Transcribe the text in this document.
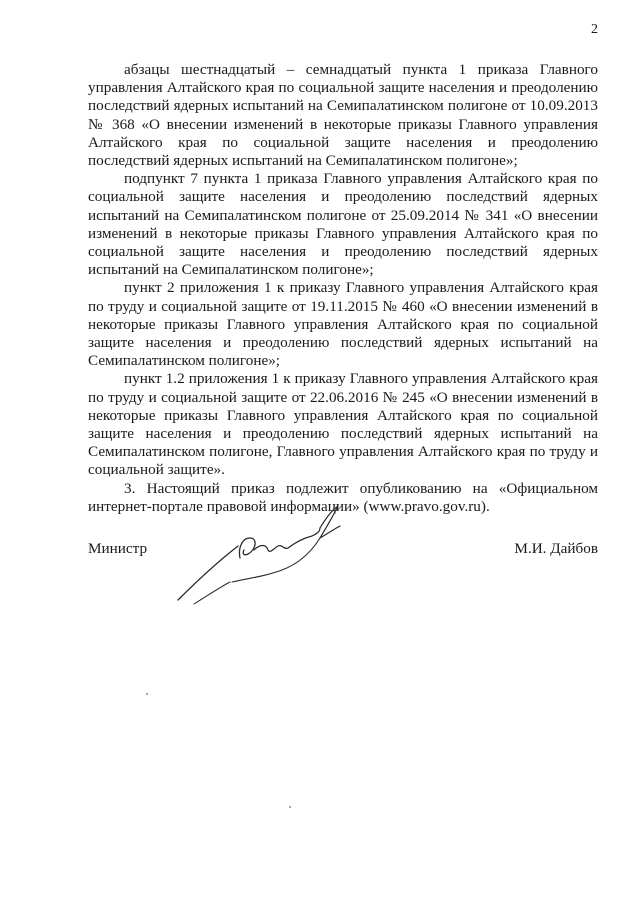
2

абзацы шестнадцатый – семнадцатый пункта 1 приказа Главного управления Алтайского края по социальной защите населения и преодолению последствий ядерных испытаний на Семипалатинском полигоне от 10.09.2013 № 368 «О внесении изменений в некоторые приказы Главного управления Алтайского края по социальной защите населения и преодолению последствий ядерных испытаний на Семипалатинском полигоне»;

подпункт 7 пункта 1 приказа Главного управления Алтайского края по социальной защите населения и преодолению последствий ядерных испытаний на Семипалатинском полигоне от 25.09.2014 № 341 «О внесении изменений в некоторые приказы Главного управления Алтайского края по социальной защите населения и преодолению последствий ядерных испытаний на Семипалатинском полигоне»;

пункт 2 приложения 1 к приказу Главного управления Алтайского края по труду и социальной защите от 19.11.2015 № 460 «О внесении изменений в некоторые приказы Главного управления Алтайского края по социальной защите населения и преодолению последствий ядерных испытаний на Семипалатинском полигоне»;

пункт 1.2 приложения 1 к приказу Главного управления Алтайского края по труду и социальной защите от 22.06.2016 № 245 «О внесении изменений в некоторые приказы Главного управления Алтайского края по социальной защите населения и преодолению последствий ядерных испытаний на Семипалатинском полигоне, Главного управления Алтайского края по труду и социальной защите».

3. Настоящий приказ подлежит опубликованию на «Официальном интернет-портале правовой информации» (www.pravo.gov.ru).

Министр	М.И. Дайбов
